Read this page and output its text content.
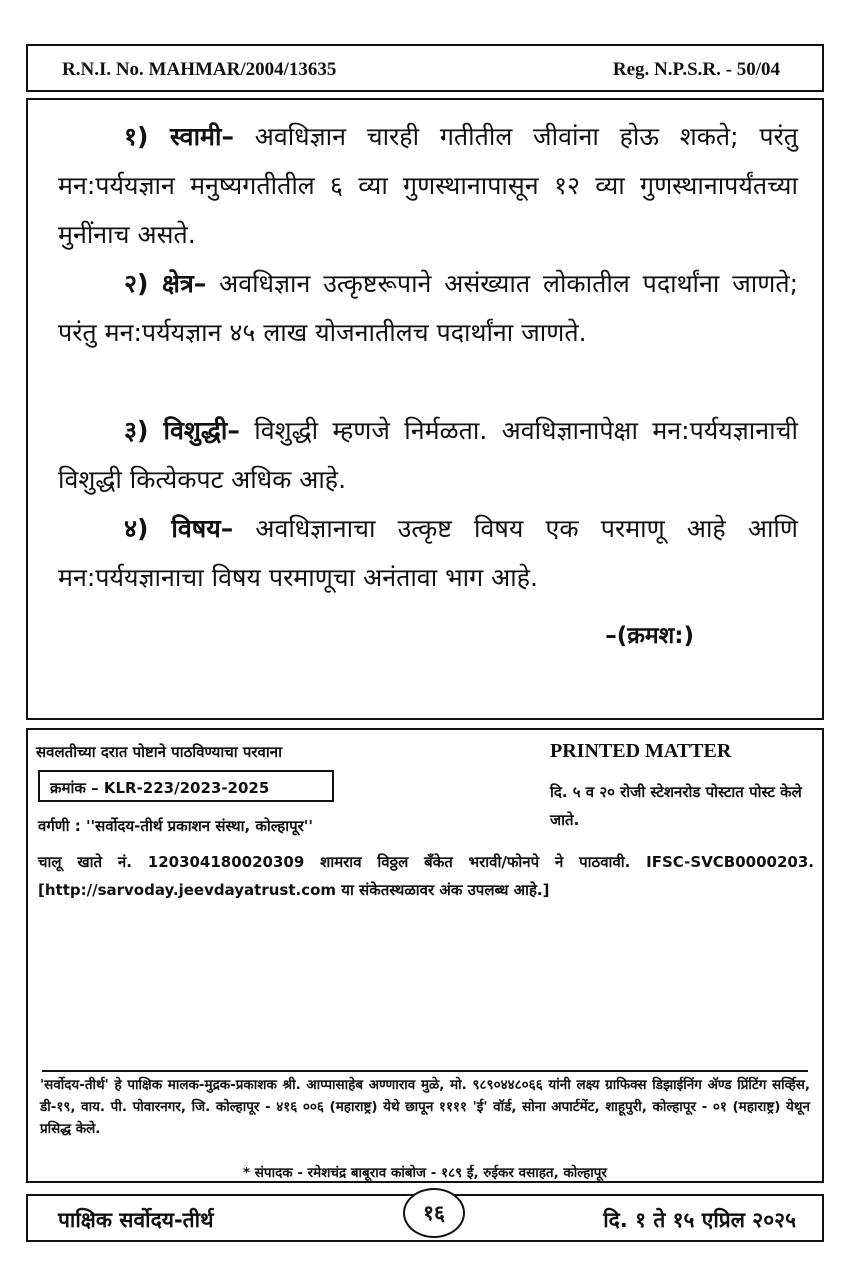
R.N.I. No. MAHMAR/2004/13635	Reg. N.P.S.R. - 50/04

१) स्वामी– अवधिज्ञान चारही गतीतील जीवांना होऊ शकते; परंतु मन:पर्ययज्ञान मनुष्यगतीतील ६ व्या गुणस्थानापासून १२ व्या गुणस्थानापर्यंतच्या मुनींनाच असते.

२) क्षेत्र– अवधिज्ञान उत्कृष्टरूपाने असंख्यात लोकातील पदार्थांना जाणते; परंतु मन:पर्ययज्ञान ४५ लाख योजनातीलच पदार्थांना जाणते.

३) विशुद्धी– विशुद्धी म्हणजे निर्मळता. अवधिज्ञानापेक्षा मन:पर्ययज्ञानाची विशुद्धी कित्येकपट अधिक आहे.

४) विषय– अवधिज्ञानाचा उत्कृष्ट विषय एक परमाणू आहे आणि मन:पर्ययज्ञानाचा विषय परमाणूचा अनंतावा भाग आहे.

–(क्रमश:)
सवलतीच्या दरात पोष्टाने पाठविण्याचा परवाना	PRINTED MATTER
क्रमांक – KLR-223/2023-2025	दि. ५ व २० रोजी स्टेशनरोड पोस्टात पोस्ट केले जाते.
वर्गणी : ''सर्वोदय-तीर्थ प्रकाशन संस्था, कोल्हापूर''
चालू खाते नं. 120304180020309 शामराव विठ्ठल बँकेत भरावी/फोनपे ने पाठवावी. IFSC-SVCB0000203. [http://sarvoday.jeevdayatrust.com या संकेतस्थळावर अंक उपलब्ध आहे.]
'सर्वोदय-तीर्थ' हे पाक्षिक मालक-मुद्रक-प्रकाशक श्री. आप्पासाहेब अण्णाराव मुळे, मो. ९८९०४४८०६६ यांनी लक्ष्य ग्राफिक्स डिझाईनिंग ॲण्ड प्रिंटिंग सर्व्हिस, डी-१९, वाय. पी. पोवारनगर, जि. कोल्हापूर - ४१६ ००६ (महाराष्ट्र) येथे छापून ११११ 'ई' वॉर्ड, सोना अपार्टमेंट, शाहूपुरी, कोल्हापूर - ०१ (महाराष्ट्र) येथून प्रसिद्ध केले.
* संपादक - रमेशचंद्र बाबूराव कांबोज - १८९ ई, रुईकर वसाहत, कोल्हापूर
पाक्षिक सर्वोदय-तीर्थ	१६	दि. १ ते १५ एप्रिल २०२५
